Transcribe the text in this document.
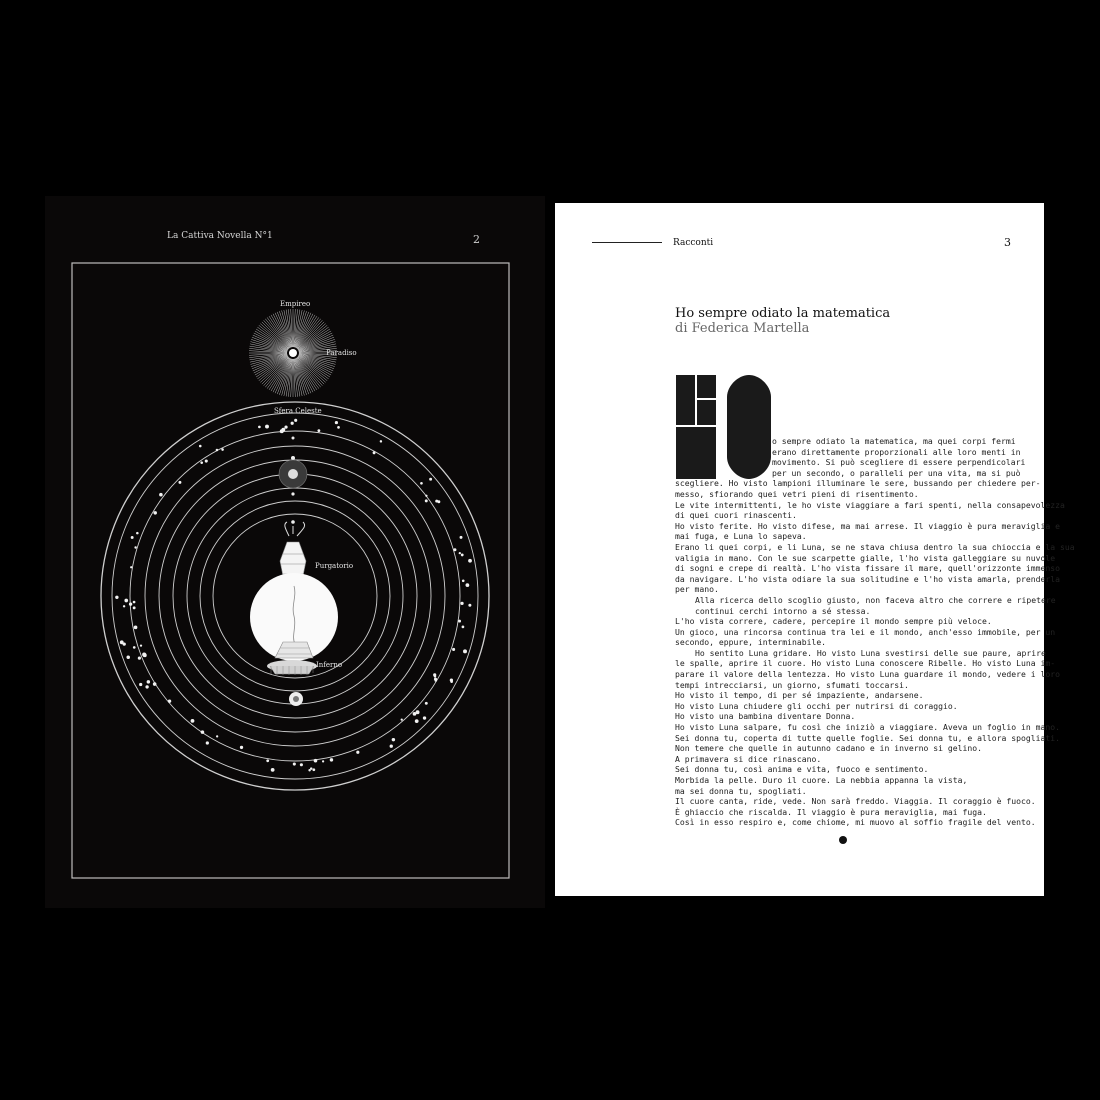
La Cattiva Novella N°1	2
Empireo
Paradiso
Sfera Celeste
Purgatorio
Inferno
Racconti	3
Ho sempre odiato la matematica
di Federica Martella

o sempre odiato la matematica, ma quei corpi fermi

erano direttamente proporzionali alle loro menti in

movimento. Si può scegliere di essere perpendicolari

per un secondo, o paralleli per una vita, ma si può

scegliere. Ho visto lampioni illuminare le sere, bussando per chiedere per-

messo, sfiorando quei vetri pieni di risentimento.

Le vite intermittenti, le ho viste viaggiare a fari spenti, nella consapevolezza

di quei cuori rinascenti.

Ho visto ferite. Ho visto difese, ma mai arrese. Il viaggio è pura meraviglia e

mai fuga, e Luna lo sapeva.

Erano li quei corpi, e li Luna, se ne stava chiusa dentro la sua chioccia e la sua

valigia in mano. Con le sue scarpette gialle, l'ho vista galleggiare su nuvole

di sogni e crepe di realtà. L'ho vista fissare il mare, quell'orizzonte immenso

da navigare. L'ho vista odiare la sua solitudine e l'ho vista amarla, prenderla

per mano.

Alla ricerca dello scoglio giusto, non faceva altro che correre e ripetere

continui cerchi intorno a sé stessa.

L'ho vista correre, cadere, percepire il mondo sempre più veloce.

Un gioco, una rincorsa continua tra lei e il mondo, anch'esso immobile, per un

secondo, eppure, interminabile.

Ho sentito Luna gridare. Ho visto Luna svestirsi delle sue paure, aprire

le spalle, aprire il cuore. Ho visto Luna conoscere Ribelle. Ho visto Luna im-

parare il valore della lentezza. Ho visto Luna guardare il mondo, vedere i loro

tempi intrecciarsi, un giorno, sfumati toccarsi.

Ho visto il tempo, di per sé impaziente, andarsene.

Ho visto Luna chiudere gli occhi per nutrirsi di coraggio.

Ho visto una bambina diventare Donna.

Ho visto Luna salpare, fu così che iniziò a viaggiare. Aveva un foglio in mano.

Sei donna tu, coperta di tutte quelle foglie. Sei donna tu, e allora spogliati.

Non temere che quelle in autunno cadano e in inverno si gelino.

A primavera si dice rinascano.

Sei donna tu, così anima e vita, fuoco e sentimento.

Morbida la pelle. Duro il cuore. La nebbia appanna la vista,

ma sei donna tu, spogliati.

Il cuore canta, ride, vede. Non sarà freddo. Viaggia. Il coraggio è fuoco.

È ghiaccio che riscalda. Il viaggio è pura meraviglia, mai fuga.

Così in esso respiro e, come chiome, mi muovo al soffio fragile del vento.
